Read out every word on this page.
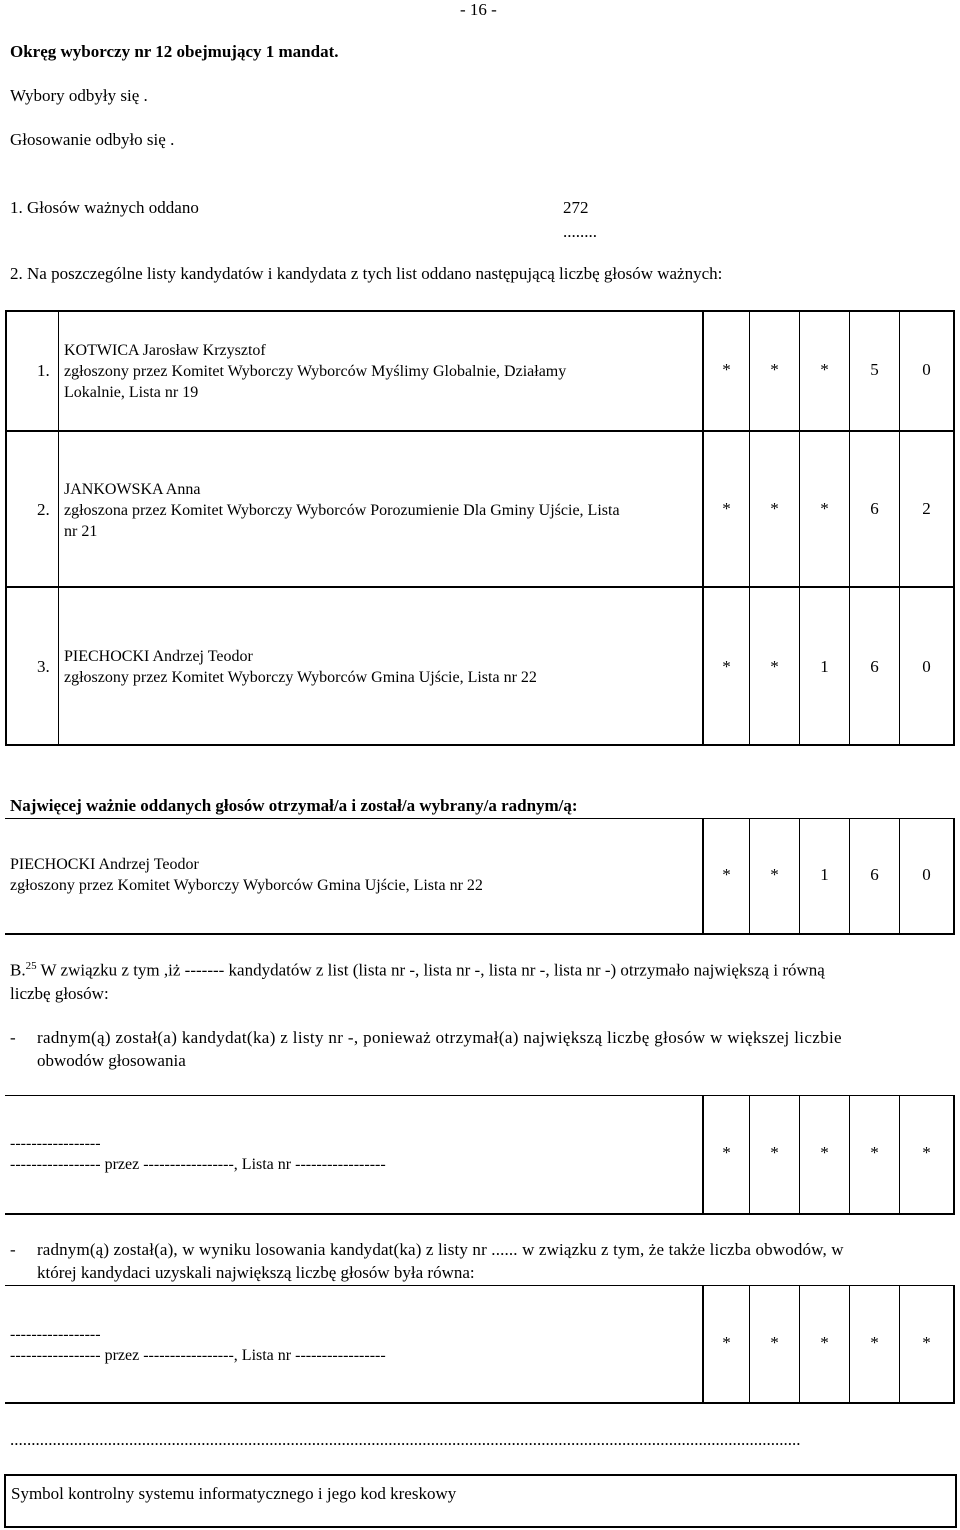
- 16 -
Okręg wyborczy nr 12 obejmujący 1 mandat.
Wybory odbyły się .
Głosowanie odbyło się .
1. Głosów ważnych oddano	272
........
2. Na poszczególne listy kandydatów i kandydata z tych list oddano następującą liczbę głosów ważnych:
1.
KOTWICA Jarosław Krzysztof
zgłoszony przez Komitet Wyborczy Wyborców Myślimy Globalnie, Działamy
Lokalnie, Lista nr 19
*	*	*	5	0
2.
JANKOWSKA Anna
zgłoszona przez Komitet Wyborczy Wyborców Porozumienie Dla Gminy Ujście, Lista
nr 21
*	*	*	6	2
3.
PIECHOCKI Andrzej Teodor
zgłoszony przez Komitet Wyborczy Wyborców Gmina Ujście, Lista nr 22
*	*	1	6	0
Najwięcej ważnie oddanych głosów otrzymał/a i został/a wybrany/a radnym/ą:
PIECHOCKI Andrzej Teodor
zgłoszony przez Komitet Wyborczy Wyborców Gmina Ujście, Lista nr 22
*	*	1	6	0
B.$^{25}$ W związku z tym ,iż ------- kandydatów z list (lista nr -, lista nr -, lista nr -, lista nr -) otrzymało największą i równą
liczbę głosów:
- radnym(ą) został(a) kandydat(ka) z listy nr -, ponieważ otrzymał(a) największą liczbę głosów w większej liczbie
obwodów głosowania
-----------------
----------------- przez -----------------, Lista nr -----------------
*	*	*	*	*
- radnym(ą) został(a), w wyniku losowania kandydat(ka) z listy nr ...... w związku z tym, że także liczba obwodów, w
której kandydaci uzyskali największą liczbę głosów była równa:
-----------------
----------------- przez -----------------, Lista nr -----------------
*	*	*	*	*
..........................................................................................................................................................................................
Symbol kontrolny systemu informatycznego i jego kod kreskowy
